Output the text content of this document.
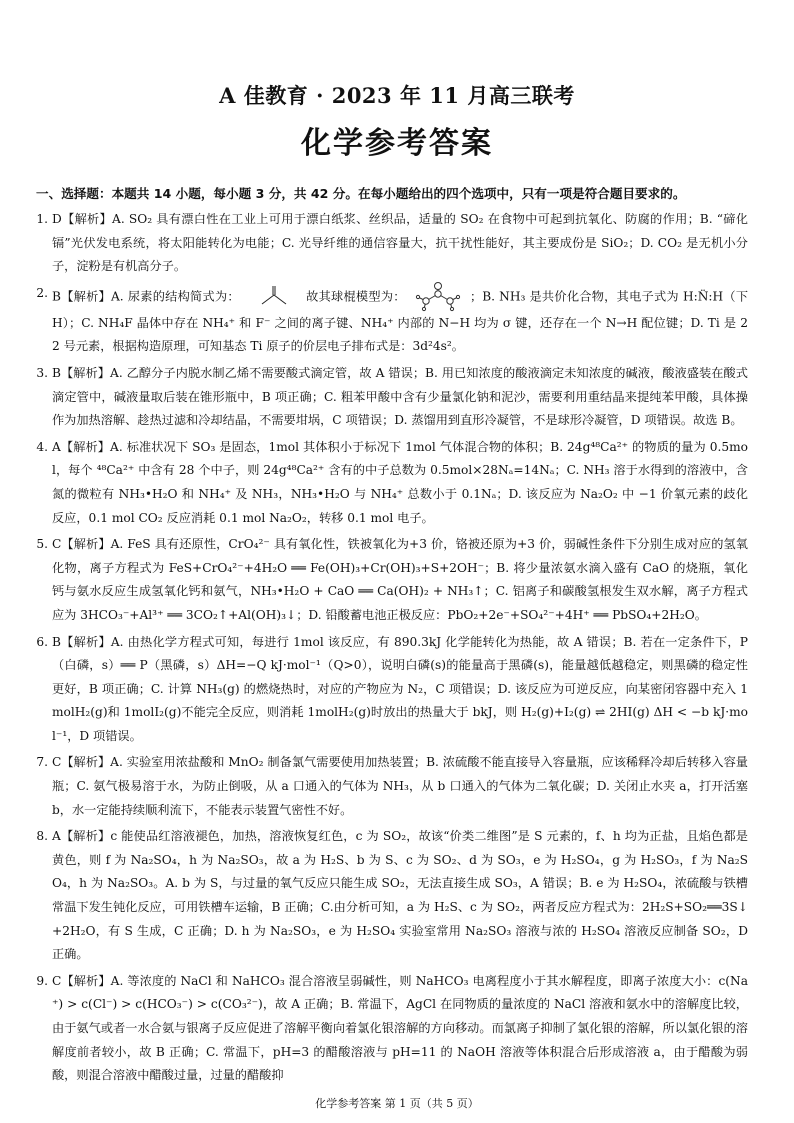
A 佳教育 · 2023 年 11 月高三联考
化学参考答案
一、选择题：本题共 14 小题，每小题 3 分，共 42 分。在每小题给出的四个选项中，只有一项是符合题目要求的。
1. D【解析】A. SO₂ 具有漂白性在工业上可用于漂白纸浆、丝织品，适量的 SO₂ 在食物中可起到抗氧化、防腐的作用；B. “碲化镉”光伏发电系统，将太阳能转化为电能；C. 光导纤维的通信容量大，抗干扰性能好，其主要成份是 SiO₂；D. CO₂ 是无机小分子，淀粉是有机高分子。
2. B【解析】A. 尿素的结构简式为：	故其球棍模型为：	；B. NH₃ 是共价化合物，其电子式为 H:N̈:H（下 H）；C. NH₄F 晶体中存在 NH₄⁺ 和 F⁻ 之间的离子键、NH₄⁺ 内部的 N−H 均为 σ 键，还存在一个 N→H 配位键；D. Ti 是 22 号元素，根据构造原理，可知基态 Ti 原子的价层电子排布式是：3d²4s²。
3. B【解析】A. 乙醇分子内脱水制乙烯不需要酸式滴定管，故 A 错误；B. 用已知浓度的酸液滴定未知浓度的碱液，酸液盛装在酸式滴定管中，碱液量取后装在锥形瓶中，B 项正确；C. 粗苯甲酸中含有少量氯化钠和泥沙，需要利用重结晶来提纯苯甲酸，具体操作为加热溶解、趁热过滤和冷却结晶，不需要坩埚，C 项错误；D. 蒸馏用到直形冷凝管，不是球形冷凝管，D 项错误。故选 B。
4. A【解析】A. 标准状况下 SO₃ 是固态，1mol 其体积小于标况下 1mol 气体混合物的体积；B. 24g⁴⁸Ca²⁺ 的物质的量为 0.5mol，每个 ⁴⁸Ca²⁺ 中含有 28 个中子，则 24g⁴⁸Ca²⁺ 含有的中子总数为 0.5mol×28Nₐ=14Nₐ；C. NH₃ 溶于水得到的溶液中，含氮的微粒有 NH₃•H₂O 和 NH₄⁺ 及 NH₃，NH₃•H₂O 与 NH₄⁺ 总数小于 0.1Nₐ；D. 该反应为 Na₂O₂ 中 −1 价氧元素的歧化反应，0.1 mol CO₂ 反应消耗 0.1 mol Na₂O₂，转移 0.1 mol 电子。
5. C【解析】A. FeS 具有还原性，CrO₄²⁻ 具有氧化性，铁被氧化为+3 价，铬被还原为+3 价，弱碱性条件下分别生成对应的氢氧化物，离子方程式为 FeS+CrO₄²⁻+4H₂O ══ Fe(OH)₃+Cr(OH)₃+S+2OH⁻；B. 将少量浓氨水滴入盛有 CaO 的烧瓶，氧化钙与氨水反应生成氢氧化钙和氨气，NH₃•H₂O + CaO ══ Ca(OH)₂ + NH₃↑；C. 铝离子和碳酸氢根发生双水解，离子方程式应为 3HCO₃⁻+Al³⁺ ══ 3CO₂↑+Al(OH)₃↓；D. 铅酸蓄电池正极反应：PbO₂+2e⁻+SO₄²⁻+4H⁺ ══ PbSO₄+2H₂O。
6. B【解析】A. 由热化学方程式可知，每进行 1mol 该反应，有 890.3kJ 化学能转化为热能，故 A 错误；B. 若在一定条件下，P（白磷，s）══ P（黑磷，s）ΔH=−Q kJ·mol⁻¹（Q>0），说明白磷(s)的能量高于黑磷(s)，能量越低越稳定，则黑磷的稳定性更好，B 项正确；C. 计算 NH₃(g) 的燃烧热时，对应的产物应为 N₂，C 项错误；D. 该反应为可逆反应，向某密闭容器中充入 1molH₂(g)和 1molI₂(g)不能完全反应，则消耗 1molH₂(g)时放出的热量大于 bkJ，则 H₂(g)+I₂(g) ⇌ 2HI(g) ΔH < −b kJ·mol⁻¹，D 项错误。
7. C【解析】A. 实验室用浓盐酸和 MnO₂ 制备氯气需要使用加热装置；B. 浓硫酸不能直接导入容量瓶，应该稀释冷却后转移入容量瓶；C. 氨气极易溶于水，为防止倒吸，从 a 口通入的气体为 NH₃，从 b 口通入的气体为二氧化碳；D. 关闭止水夹 a，打开活塞 b，水一定能持续顺利流下，不能表示装置气密性不好。
8. A【解析】c 能使品红溶液褪色，加热，溶液恢复红色，c 为 SO₂，故该“价类二维图”是 S 元素的，f、h 均为正盐，且焰色都是黄色，则 f 为 Na₂SO₄，h 为 Na₂SO₃，故 a 为 H₂S、b 为 S、c 为 SO₂、d 为 SO₃，e 为 H₂SO₄，g 为 H₂SO₃，f 为 Na₂SO₄，h 为 Na₂SO₃。A. b 为 S，与过量的氧气反应只能生成 SO₂，无法直接生成 SO₃，A 错误；B. e 为 H₂SO₄，浓硫酸与铁槽常温下发生钝化反应，可用铁槽车运输，B 正确；C.由分析可知，a 为 H₂S、c 为 SO₂，两者反应方程式为：2H₂S+SO₂══3S↓+2H₂O，有 S 生成，C 正确；D. h 为 Na₂SO₃，e 为 H₂SO₄ 实验室常用 Na₂SO₃ 溶液与浓的 H₂SO₄ 溶液反应制备 SO₂，D 正确。
9. C【解析】A. 等浓度的 NaCl 和 NaHCO₃ 混合溶液呈弱碱性，则 NaHCO₃ 电离程度小于其水解程度，即离子浓度大小：c(Na⁺) > c(Cl⁻) > c(HCO₃⁻) > c(CO₃²⁻)，故 A 正确；B. 常温下，AgCl 在同物质的量浓度的 NaCl 溶液和氨水中的溶解度比较，由于氨气或者一水合氨与银离子反应促进了溶解平衡向着氯化银溶解的方向移动。而氯离子抑制了氯化银的溶解，所以氯化银的溶解度前者较小，故 B 正确；C. 常温下，pH=3 的醋酸溶液与 pH=11 的 NaOH 溶液等体积混合后形成溶液 a，由于醋酸为弱酸，则混合溶液中醋酸过量，过量的醋酸抑
化学参考答案 第 1 页（共 5 页）
